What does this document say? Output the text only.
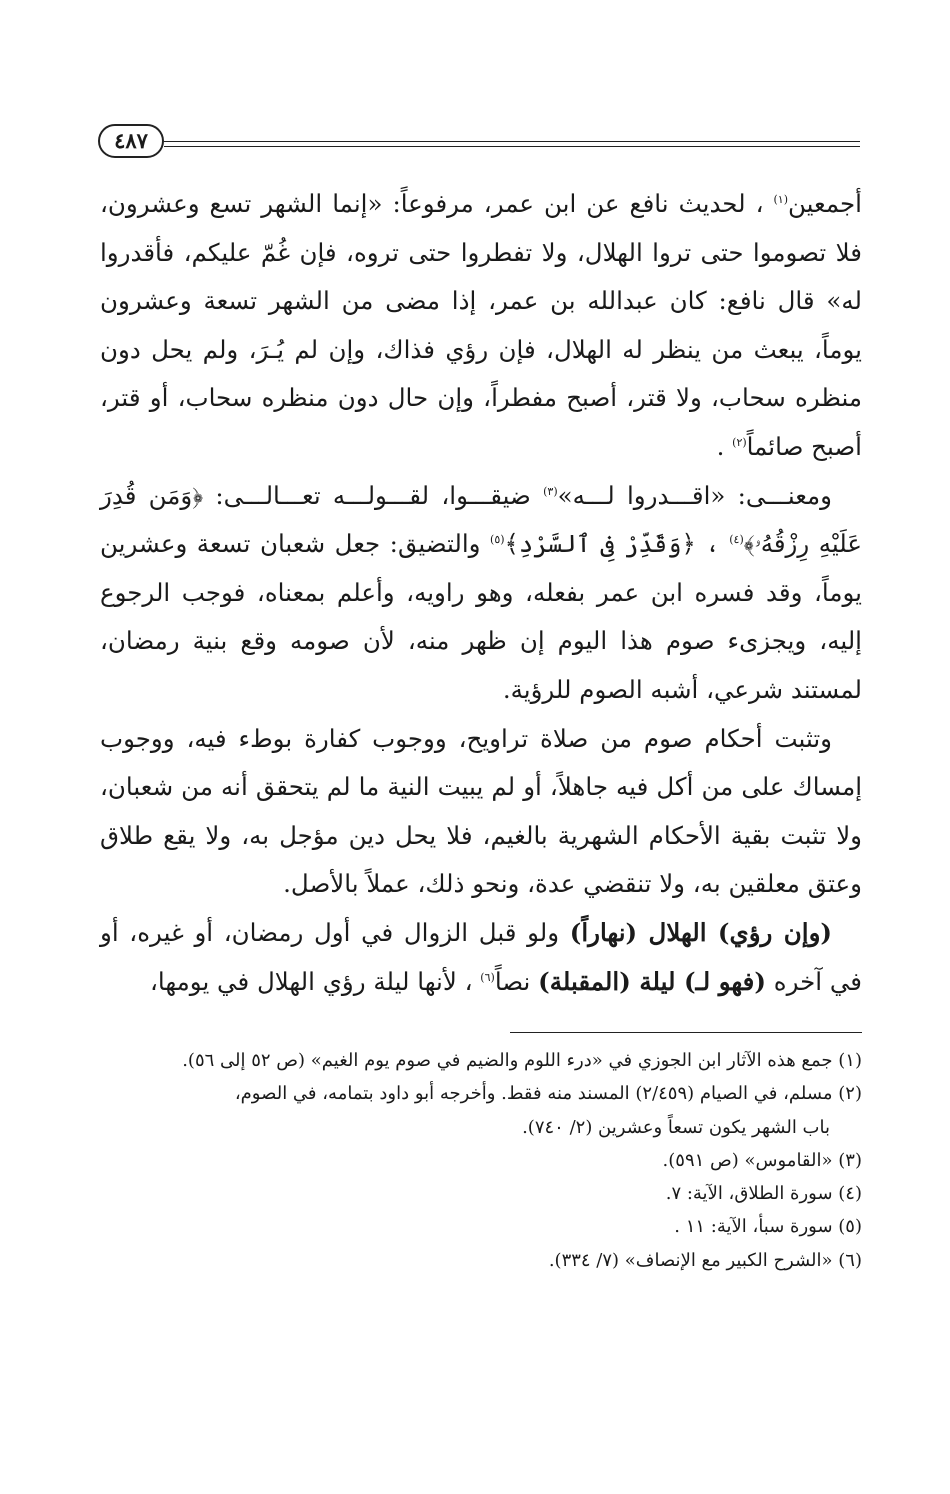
٤٨٧

أجمعين$^{(١)}$ ، لحديث نافع عن ابن عمر، مرفوعاً: «إنما الشهر تسع وعشرون، فلا تصوموا حتى تروا الهلال، ولا تفطروا حتى تروه، فإن غُمّ عليكم، فأقدروا له» قال نافع: كان عبدالله بن عمر، إذا مضى من الشهر تسعة وعشرون يوماً، يبعث من ينظر له الهلال، فإن رؤي فذاك، وإن لم يُـرَ، ولم يحل دون منظره سحاب، ولا قتر، أصبح مفطراً، وإن حال دون منظره سحاب، أو قتر، أصبح صائماً$^{(٢)}$ .

ومعنـــى: «اقـــدروا لـــه»$^{(٣)}$ ضيقـــوا، لقـــولـــه تعـــالـــى: ﴿وَمَن قُدِرَ عَلَيْهِ رِزْقُهُۥ﴾$^{(٤)}$ ، ﴿وَقَدِّرْ فِى ٱلسَّرْدِ﴾$^{(٥)}$ والتضيق: جعل شعبان تسعة وعشرين يوماً، وقد فسره ابن عمر بفعله، وهو راويه، وأعلم بمعناه، فوجب الرجوع إليه، ويجزىء صوم هذا اليوم إن ظهر منه، لأن صومه وقع بنية رمضان، لمستند شرعي، أشبه الصوم للرؤية.

وتثبت أحكام صوم من صلاة تراويح، ووجوب كفارة بوطء فيه، ووجوب إمساك على من أكل فيه جاهلاً، أو لم يبيت النية ما لم يتحقق أنه من شعبان، ولا تثبت بقية الأحكام الشهرية بالغيم، فلا يحل دين مؤجل به، ولا يقع طلاق وعتق معلقين به، ولا تنقضي عدة، ونحو ذلك، عملاً بالأصل.

(وإن رؤي) الهلال (نهاراً) ولو قبل الزوال في أول رمضان، أو غيره، أو في آخره (فهو لـ) ليلة (المقبلة) نصاً$^{(٦)}$ ، لأنها ليلة رؤي الهلال في يومها،

(١) جمع هذه الآثار ابن الجوزي في «درء اللوم والضيم في صوم يوم الغيم» (ص ٥٢ إلى ٥٦).

(٢) مسلم، في الصيام (٢/٤٥٩) المسند منه فقط. وأخرجه أبو داود بتمامه، في الصوم،
باب الشهر يكون تسعاً وعشرين (٢/ ٧٤٠).

(٣) «القاموس» (ص ٥٩١).

(٤) سورة الطلاق، الآية: ٧.

(٥) سورة سبأ، الآية: ١١ .

(٦) «الشرح الكبير مع الإنصاف» (٧/ ٣٣٤).
